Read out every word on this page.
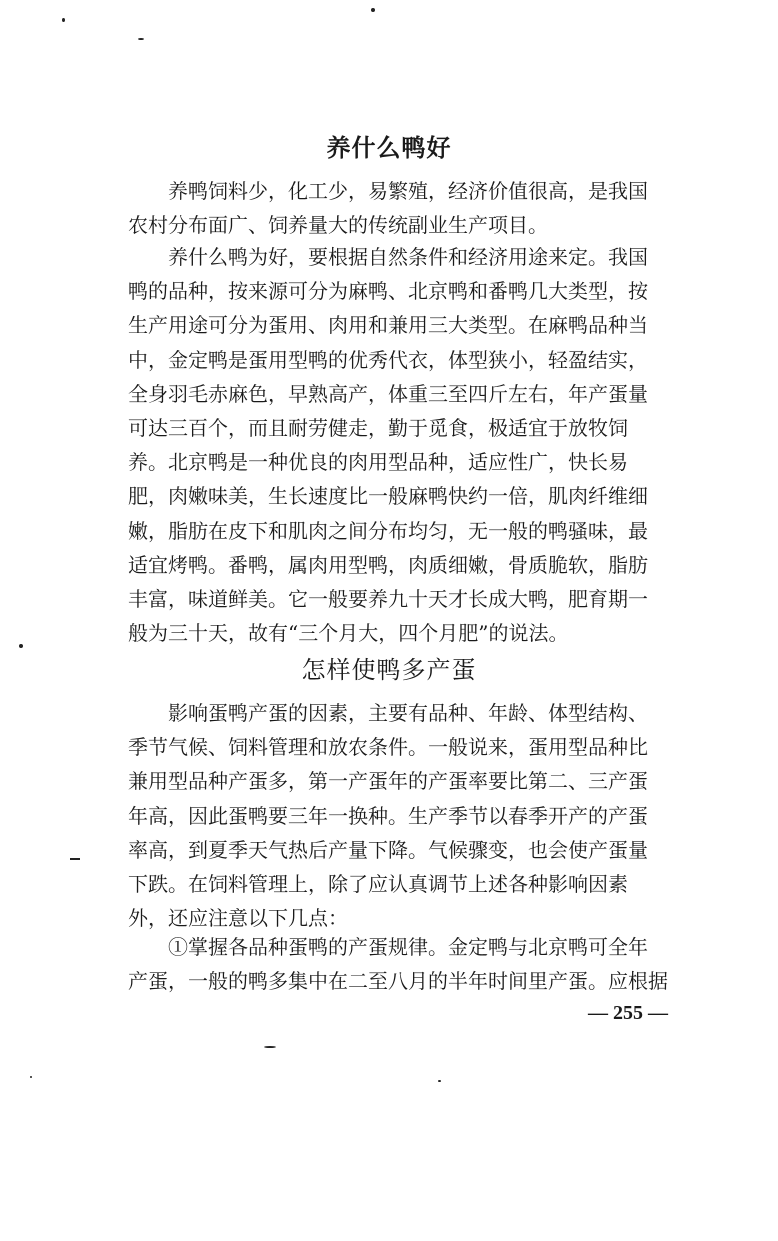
养什么鸭好

　　养鸭饲料少，化工少，易繁殖，经济价值很高，是我国
农村分布面广、饲养量大的传统副业生产项目。

　　养什么鸭为好，要根据自然条件和经济用途来定。我国
鸭的品种，按来源可分为麻鸭、北京鸭和番鸭几大类型，按
生产用途可分为蛋用、肉用和兼用三大类型。在麻鸭品种当
中，金定鸭是蛋用型鸭的优秀代衣，体型狭小，轻盈结实，
全身羽毛赤麻色，早熟高产，体重三至四斤左右，年产蛋量
可达三百个，而且耐劳健走，勤于觅食，极适宜于放牧饲
养。北京鸭是一种优良的肉用型品种，适应性广，快长易
肥，肉嫩味美，生长速度比一般麻鸭快约一倍，肌肉纤维细
嫩，脂肪在皮下和肌肉之间分布均匀，无一般的鸭骚味，最
适宜烤鸭。番鸭，属肉用型鸭，肉质细嫩，骨质脆软，脂肪
丰富，味道鲜美。它一般要养九十天才长成大鸭，肥育期一
般为三十天，故有“三个月大，四个月肥”的说法。

怎样使鸭多产蛋

　　影响蛋鸭产蛋的因素，主要有品种、年龄、体型结构、
季节气候、饲料管理和放农条件。一般说来，蛋用型品种比
兼用型品种产蛋多，第一产蛋年的产蛋率要比第二、三产蛋
年高，因此蛋鸭要三年一换种。生产季节以春季开产的产蛋
率高，到夏季天气热后产量下降。气候骤变，也会使产蛋量
下跌。在饲料管理上，除了应认真调节上述各种影响因素
外，还应注意以下几点：

　　①掌握各品种蛋鸭的产蛋规律。金定鸭与北京鸭可全年
产蛋，一般的鸭多集中在二至八月的半年时间里产蛋。应根据

— 255 —
